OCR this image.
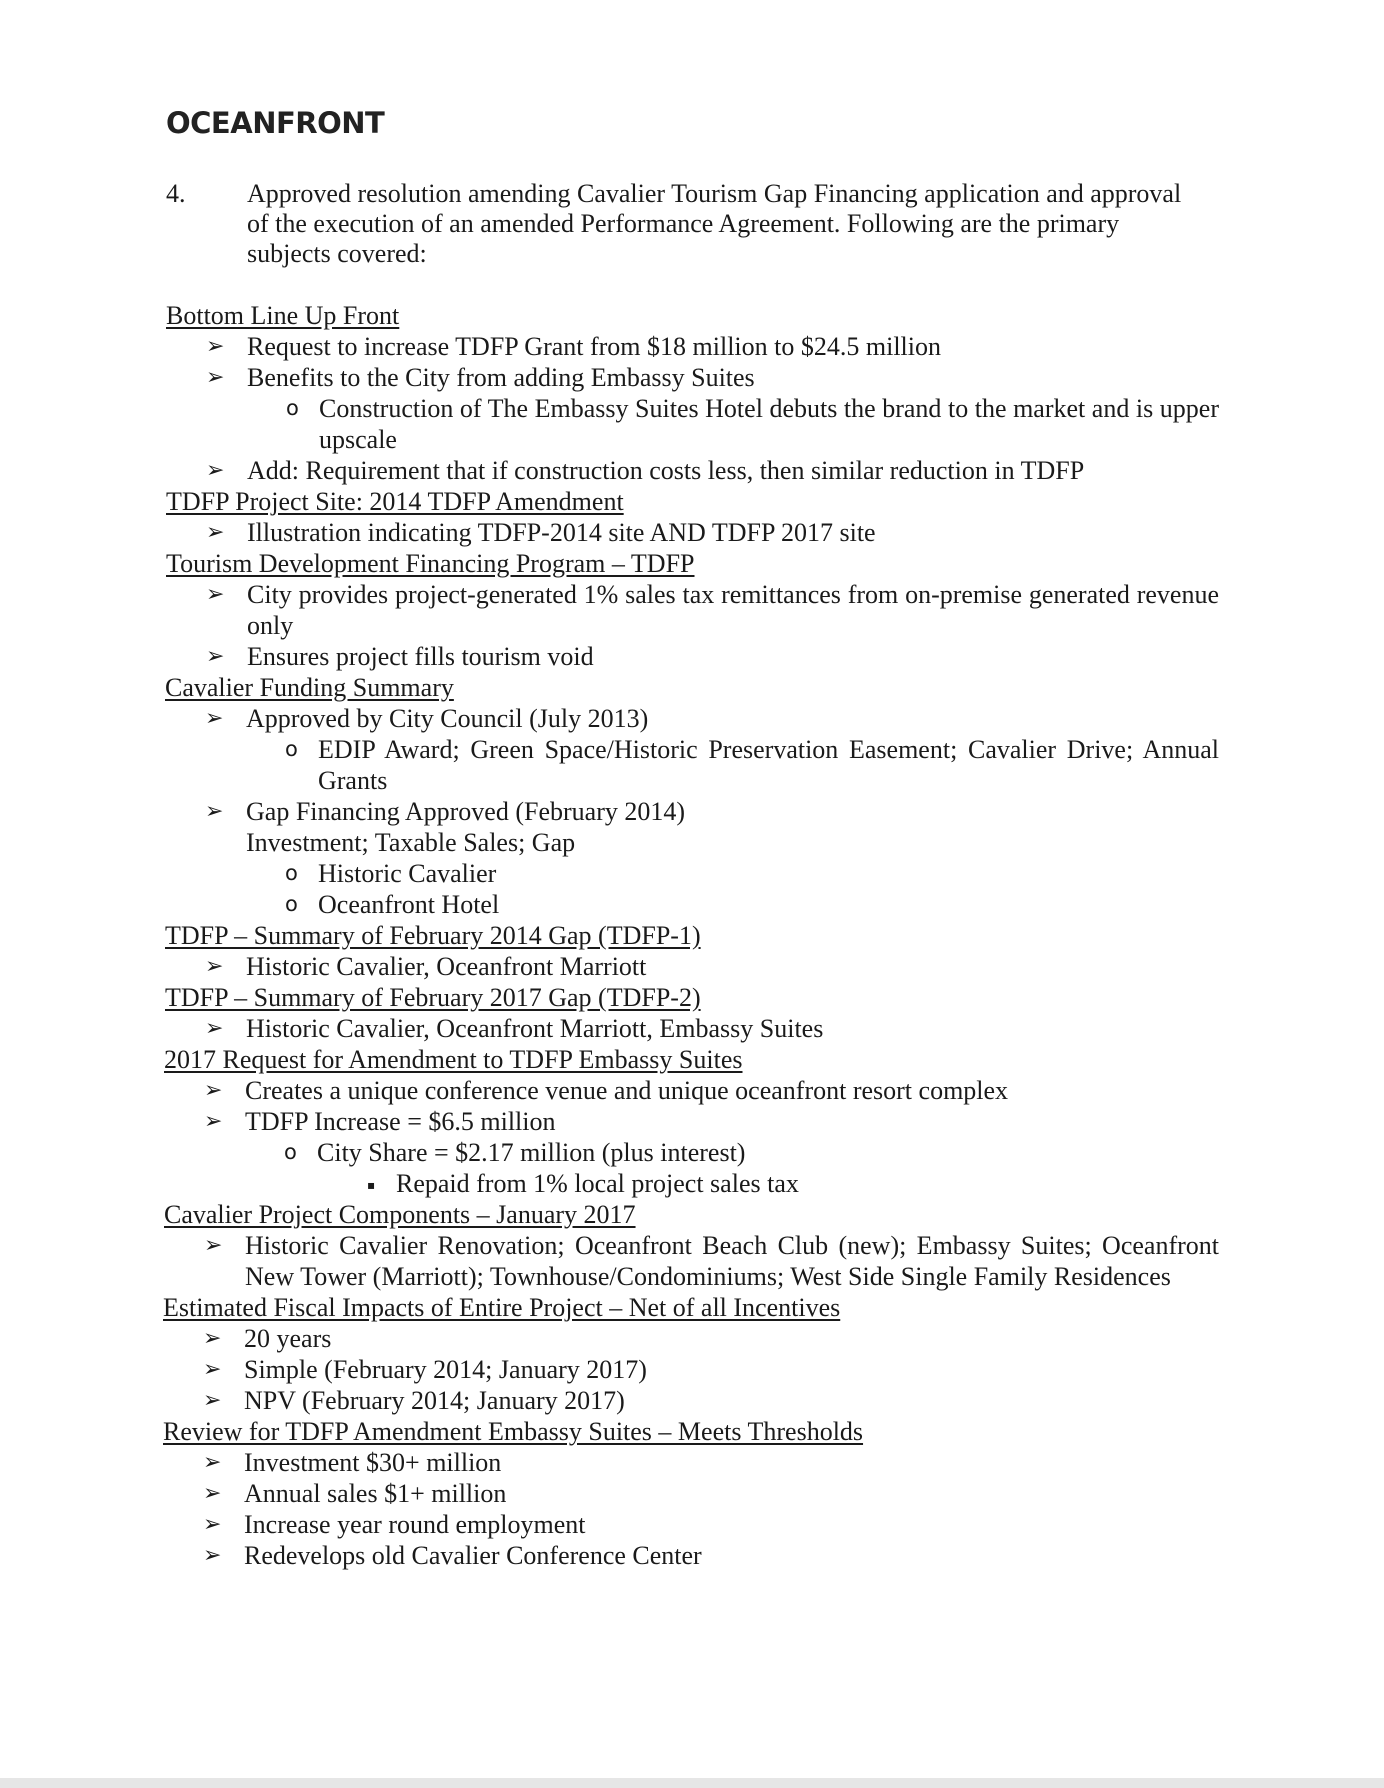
OCEANFRONT
4. Approved resolution amending Cavalier Tourism Gap Financing application and approval of the execution of an amended Performance Agreement. Following are the primary subjects covered:
Bottom Line Up Front
➢ Request to increase TDFP Grant from $18 million to $24.5 million
➢ Benefits to the City from adding Embassy Suites
o Construction of The Embassy Suites Hotel debuts the brand to the market and is upper upscale
➢ Add: Requirement that if construction costs less, then similar reduction in TDFP
TDFP Project Site: 2014 TDFP Amendment
➢ Illustration indicating TDFP-2014 site AND TDFP 2017 site
Tourism Development Financing Program – TDFP
➢ City provides project-generated 1% sales tax remittances from on-premise generated revenue only
➢ Ensures project fills tourism void
Cavalier Funding Summary
➢ Approved by City Council (July 2013)
o EDIP Award; Green Space/Historic Preservation Easement; Cavalier Drive; Annual Grants
➢ Gap Financing Approved (February 2014)
Investment; Taxable Sales; Gap
o Historic Cavalier
o Oceanfront Hotel
TDFP – Summary of February 2014 Gap (TDFP-1)
➢ Historic Cavalier, Oceanfront Marriott
TDFP – Summary of February 2017 Gap (TDFP-2)
➢ Historic Cavalier, Oceanfront Marriott, Embassy Suites
2017 Request for Amendment to TDFP Embassy Suites
➢ Creates a unique conference venue and unique oceanfront resort complex
➢ TDFP Increase = $6.5 million
o City Share = $2.17 million (plus interest)
▪ Repaid from 1% local project sales tax
Cavalier Project Components – January 2017
➢ Historic Cavalier Renovation; Oceanfront Beach Club (new); Embassy Suites; Oceanfront New Tower (Marriott); Townhouse/Condominiums; West Side Single Family Residences
Estimated Fiscal Impacts of Entire Project – Net of all Incentives
➢ 20 years
➢ Simple (February 2014; January 2017)
➢ NPV (February 2014; January 2017)
Review for TDFP Amendment Embassy Suites – Meets Thresholds
➢ Investment $30+ million
➢ Annual sales $1+ million
➢ Increase year round employment
➢ Redevelops old Cavalier Conference Center
